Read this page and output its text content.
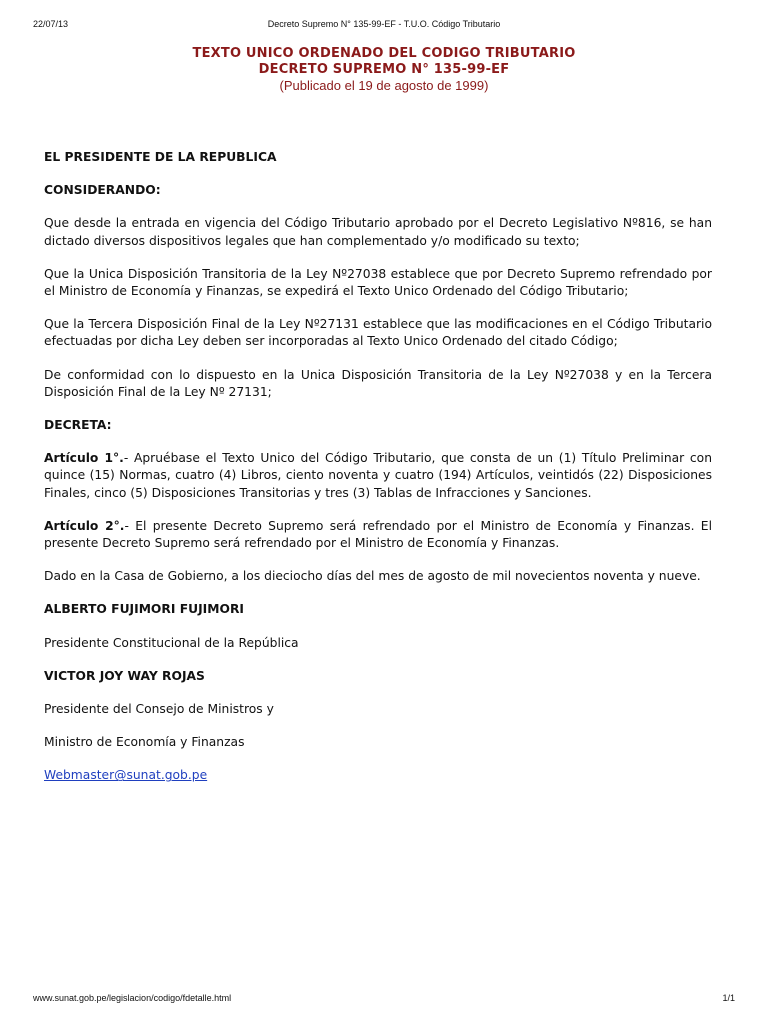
22/07/13	Decreto Supremo N° 135-99-EF - T.U.O. Código Tributario
TEXTO UNICO ORDENADO DEL CODIGO TRIBUTARIO
DECRETO SUPREMO N° 135-99-EF
(Publicado el 19 de agosto de 1999)

EL PRESIDENTE DE LA REPUBLICA

CONSIDERANDO:

Que desde la entrada en vigencia del Código Tributario aprobado por el Decreto Legislativo Nº816, se han dictado diversos dispositivos legales que han complementado y/o modificado su texto;

Que la Unica Disposición Transitoria de la Ley Nº27038 establece que por Decreto Supremo refrendado por el Ministro de Economía y Finanzas, se expedirá el Texto Unico Ordenado del Código Tributario;

Que la Tercera Disposición Final de la Ley Nº27131 establece que las modificaciones en el Código Tributario efectuadas por dicha Ley deben ser incorporadas al Texto Unico Ordenado del citado Código;

De conformidad con lo dispuesto en la Unica Disposición Transitoria de la Ley Nº27038 y en la Tercera Disposición Final de la Ley Nº 27131;

DECRETA:

Artículo 1°.- Apruébase el Texto Unico del Código Tributario, que consta de un (1) Título Preliminar con quince (15) Normas, cuatro (4) Libros, ciento noventa y cuatro (194) Artículos, veintidós (22) Disposiciones Finales, cinco (5) Disposiciones Transitorias y tres (3) Tablas de Infracciones y Sanciones.

Artículo 2°.- El presente Decreto Supremo será refrendado por el Ministro de Economía y Finanzas. El presente Decreto Supremo será refrendado por el Ministro de Economía y Finanzas.

Dado en la Casa de Gobierno, a los dieciocho días del mes de agosto de mil novecientos noventa y nueve.

ALBERTO FUJIMORI FUJIMORI

Presidente Constitucional de la República

VICTOR JOY WAY ROJAS

Presidente del Consejo de Ministros y

Ministro de Economía y Finanzas

Webmaster@sunat.gob.pe

www.sunat.gob.pe/legislacion/codigo/fdetalle.html	1/1
